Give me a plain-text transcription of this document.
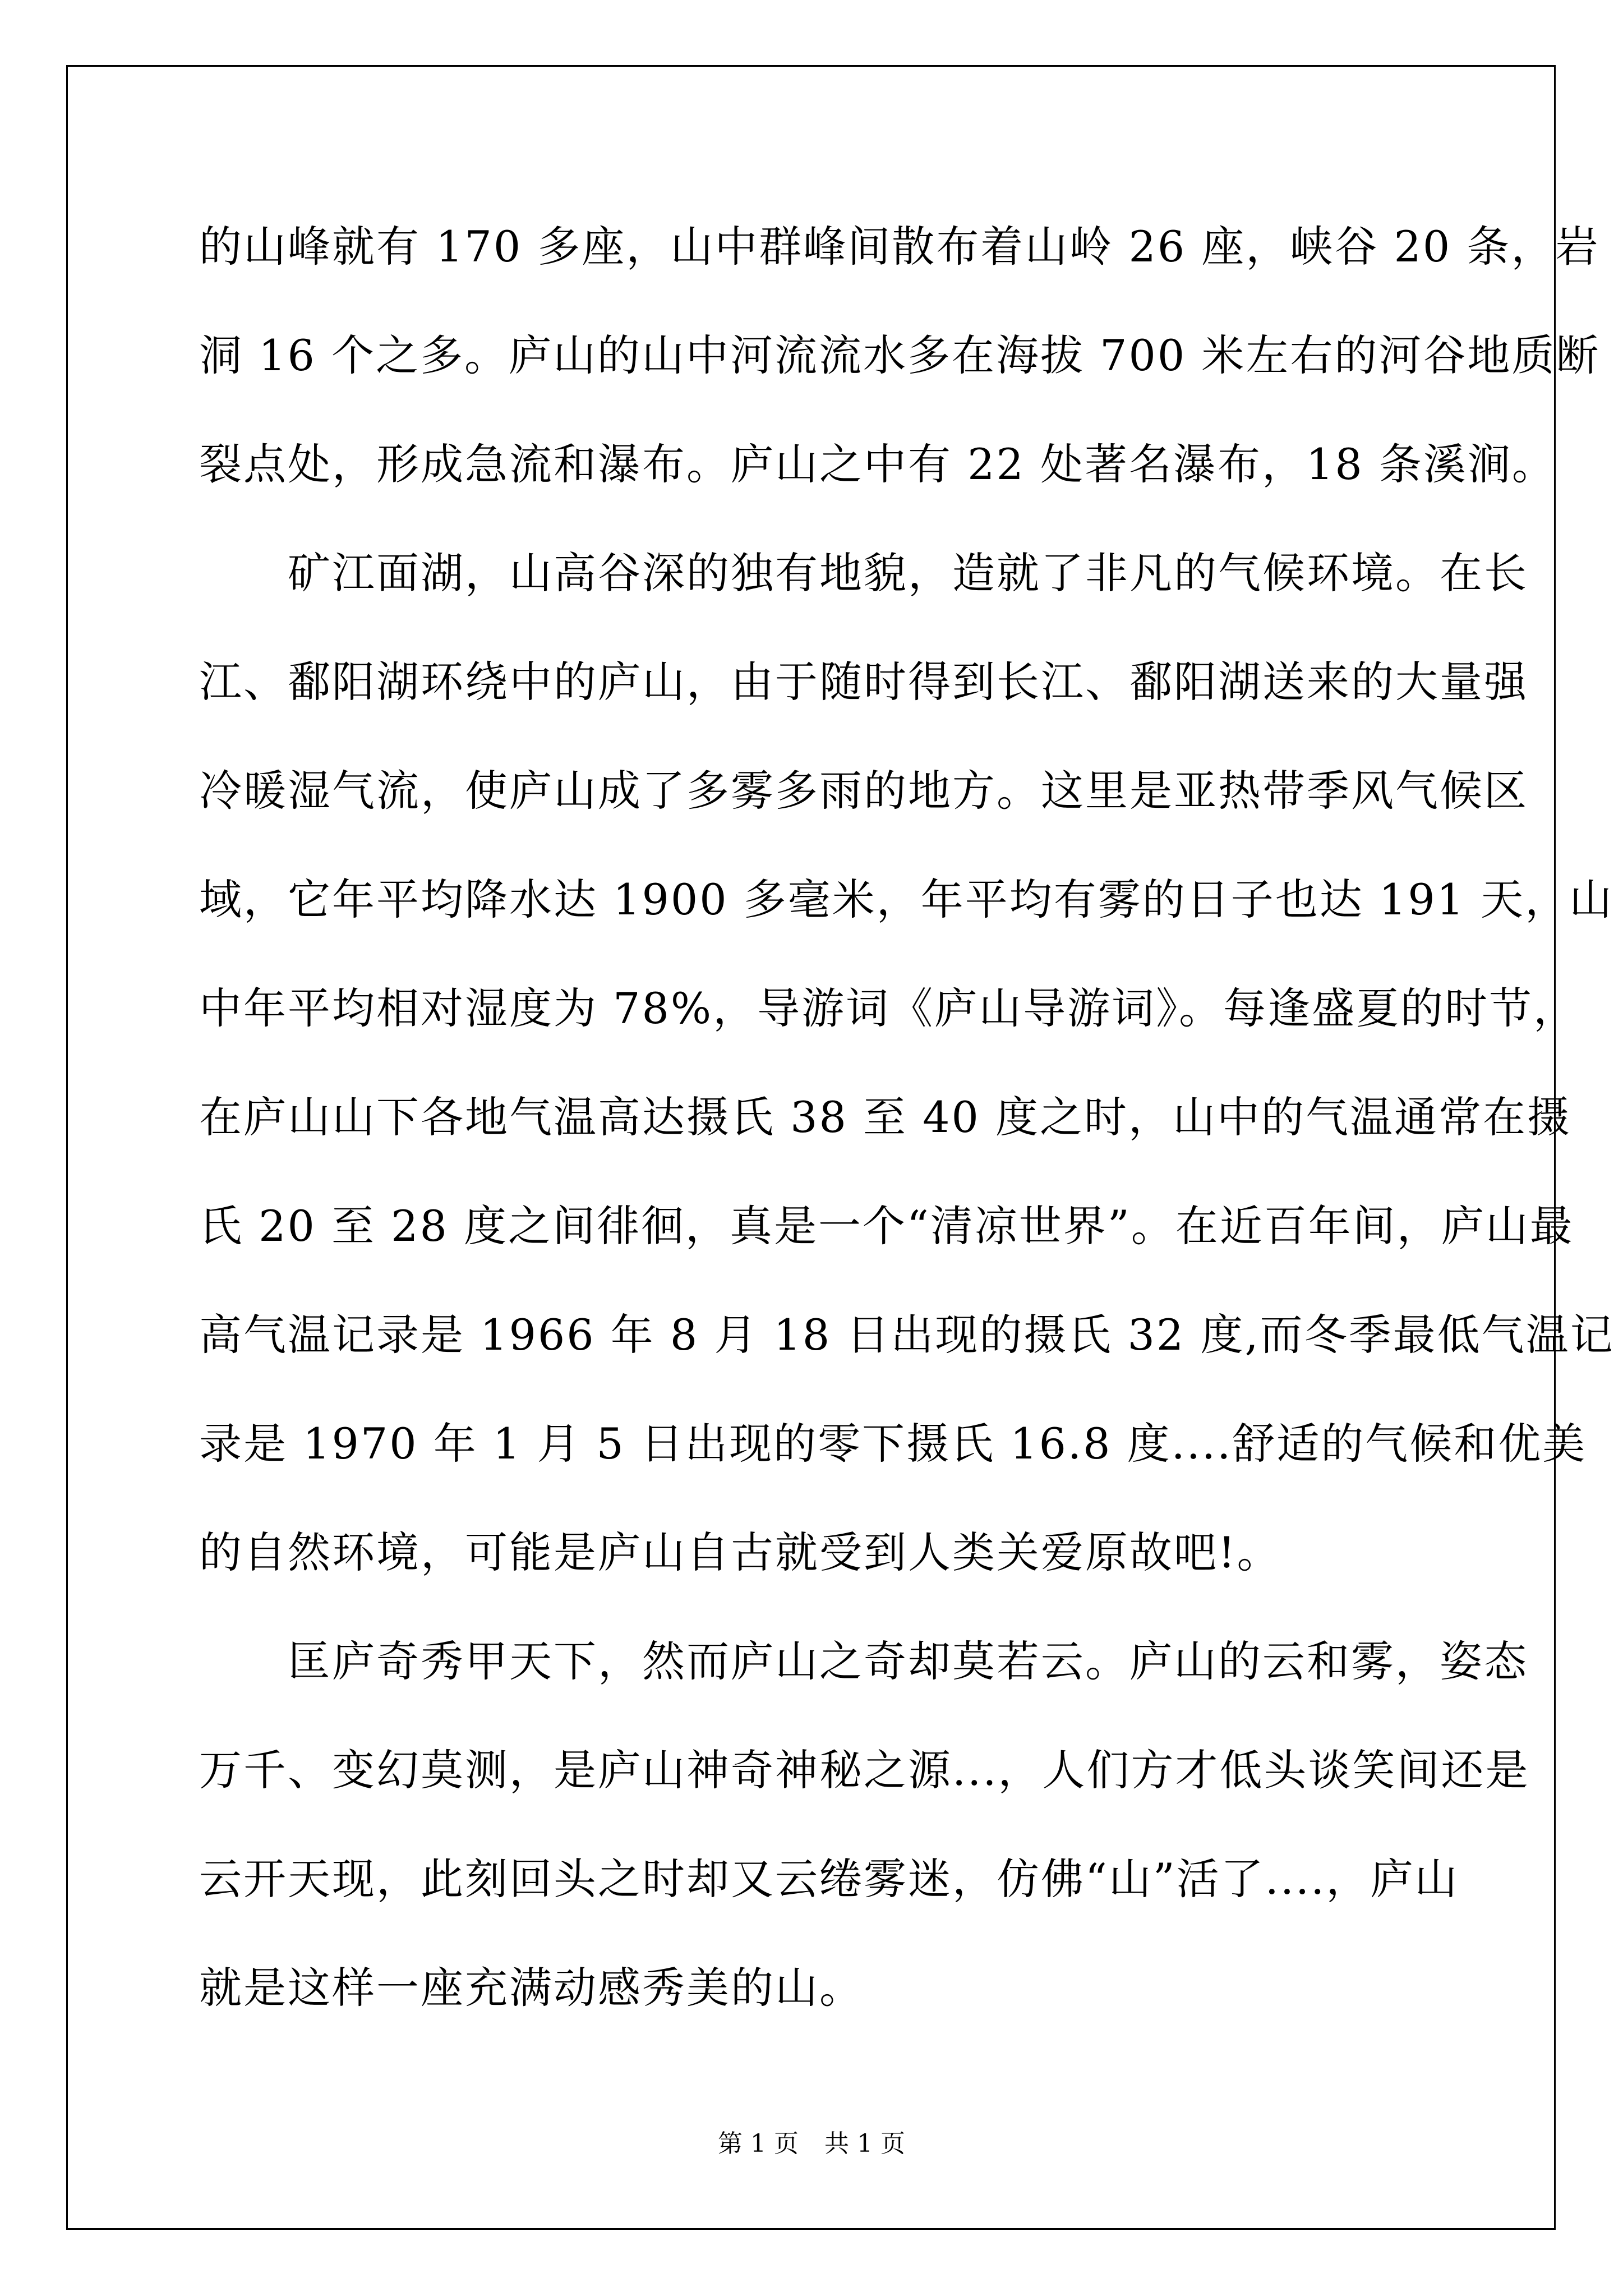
的山峰就有 170 多座，山中群峰间散布着山岭 26 座，峡谷 20 条，岩
洞 16 个之多。庐山的山中河流流水多在海拔 700 米左右的河谷地质断
裂点处，形成急流和瀑布。庐山之中有 22 处著名瀑布，18 条溪涧。
　　矿江面湖，山高谷深的独有地貌，造就了非凡的气候环境。在长
江、鄱阳湖环绕中的庐山，由于随时得到长江、鄱阳湖送来的大量强
冷暖湿气流，使庐山成了多雾多雨的地方。这里是亚热带季风气候区
域，它年平均降水达 1900 多毫米，年平均有雾的日子也达 191 天，山
中年平均相对湿度为 78%，导游词《庐山导游词》。每逢盛夏的时节，
在庐山山下各地气温高达摄氏 38 至 40 度之时，山中的气温通常在摄
氏 20 至 28 度之间徘徊，真是一个“清凉世界”。在近百年间，庐山最
高气温记录是 1966 年 8 月 18 日出现的摄氏 32 度,而冬季最低气温记
录是 1970 年 1 月 5 日出现的零下摄氏 16.8 度....舒适的气候和优美
的自然环境，可能是庐山自古就受到人类关爱原故吧!。
　　匡庐奇秀甲天下，然而庐山之奇却莫若云。庐山的云和雾，姿态
万千、变幻莫测，是庐山神奇神秘之源...，人们方才低头谈笑间还是
云开天现，此刻回头之时却又云绻雾迷，仿佛“山”活了....，庐山
就是这样一座充满动感秀美的山。
第 1 页 共 1 页
